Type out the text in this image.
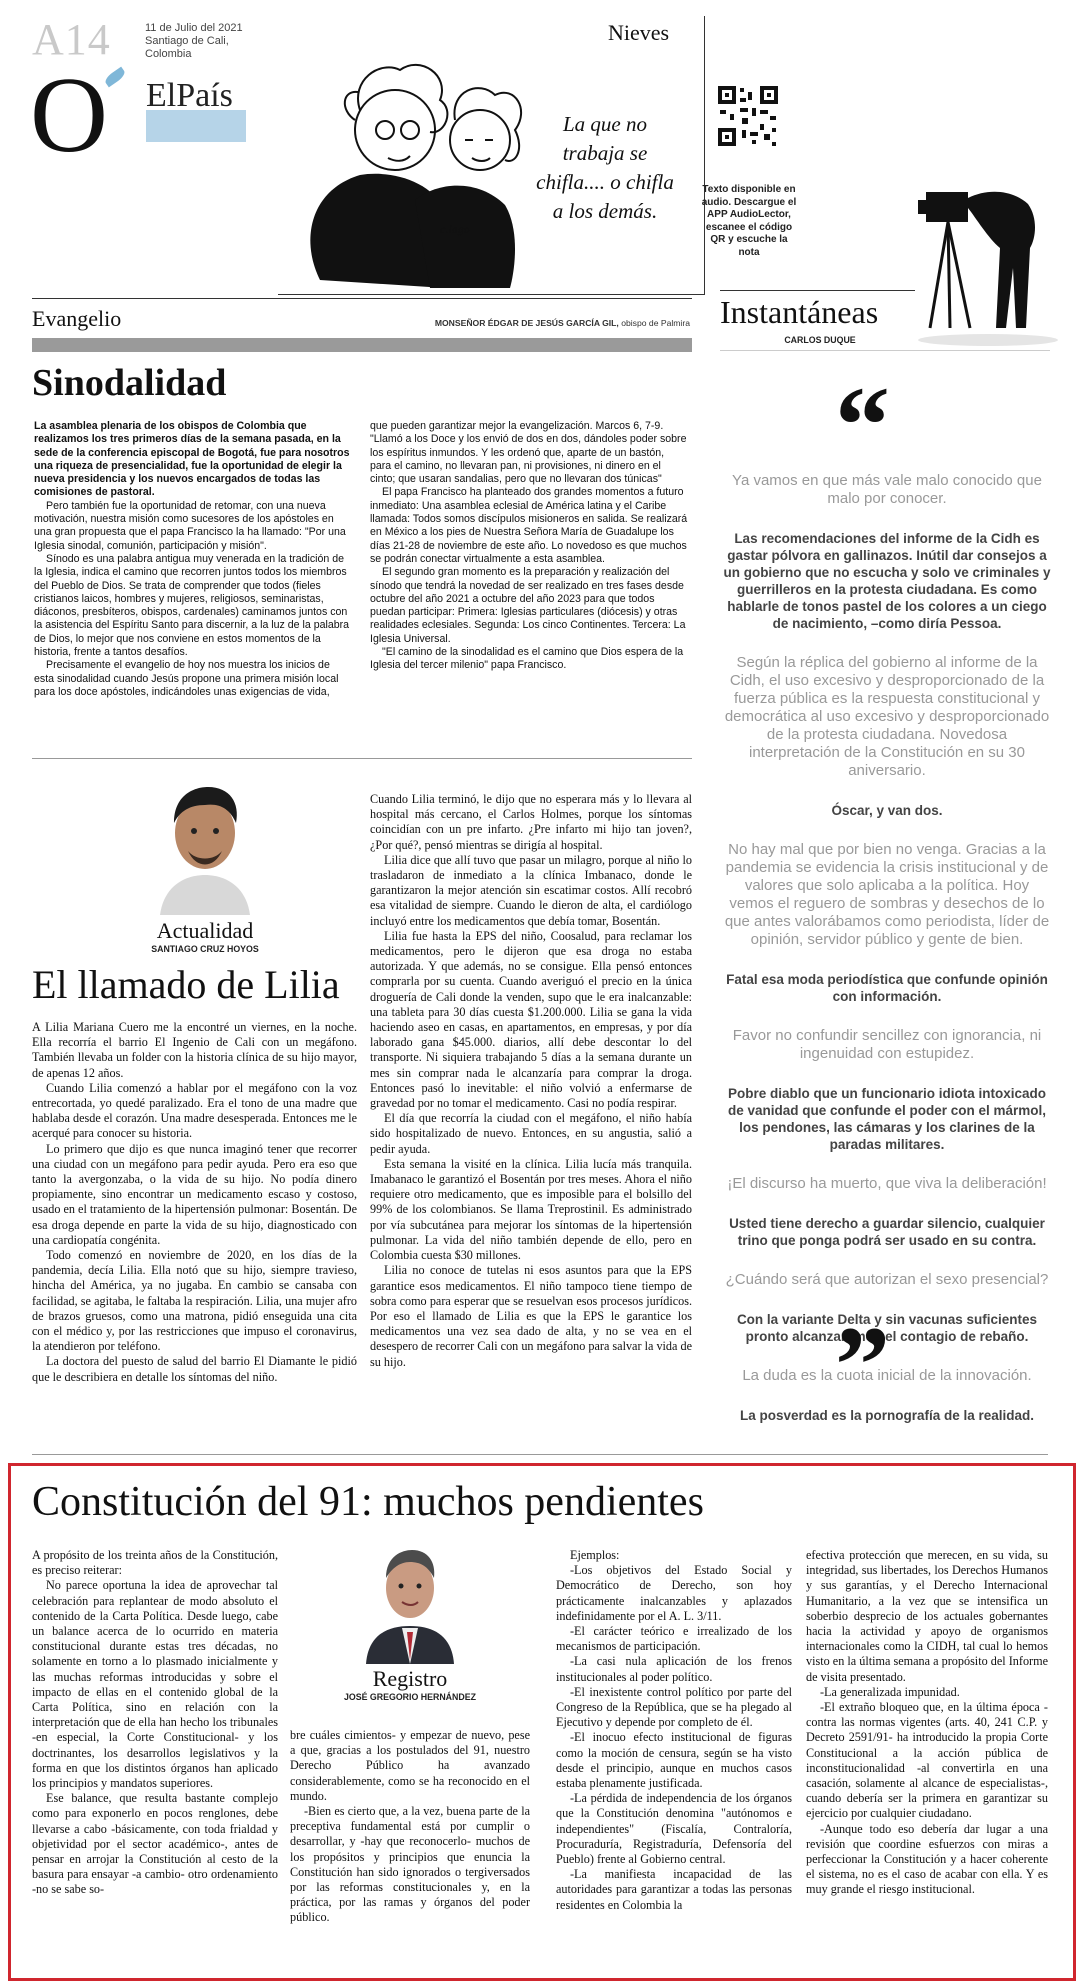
A14	11 de Julio del 2021 Santiago de Cali, Colombia
O ElPaís
Nieves
La que no trabaja se chifla.... o chifla a los demás.
c.lago
Texto disponible en
audio. Descargue el
APP AudioLector,
escanee el código
QR y escuche la
nota
Evangelio	MONSEÑOR ÉDGAR DE JESÚS GARCÍA GIL, obispo de Palmira
Sinodalidad

La asamblea plenaria de los obispos de Colombia que realizamos los tres primeros días de la semana pasada, en la sede de la conferencia episcopal de Bogotá, fue para nosotros una riqueza de presencialidad, fue la oportunidad de elegir la nueva presidencia y los nuevos encargados de todas las comisiones de pastoral.

Pero también fue la oportunidad de retomar, con una nueva motivación, nuestra misión como sucesores de los apóstoles en una gran propuesta que el papa Francisco la ha llamado: "Por una Iglesia sinodal, comunión, participación y misión".

Sínodo es una palabra antigua muy venerada en la tradición de la Iglesia, indica el camino que recorren juntos todos los miembros del Pueblo de Dios. Se trata de comprender que todos (fieles cristianos laicos, hombres y mujeres, religiosos, seminaristas, diáconos, presbíteros, obispos, cardenales) caminamos juntos con la asistencia del Espíritu Santo para discernir, a la luz de la palabra de Dios, lo mejor que nos conviene en estos momentos de la historia, frente a tantos desafíos.

Precisamente el evangelio de hoy nos muestra los inicios de esta sinodalidad cuando Jesús propone una primera misión local para los doce apóstoles, indicándoles unas exigencias de vida,

que pueden garantizar mejor la evangelización. Marcos 6, 7-9. "Llamó a los Doce y los envió de dos en dos, dándoles poder sobre los espíritus inmundos. Y les ordenó que, aparte de un bastón, para el camino, no llevaran pan, ni provisiones, ni dinero en el cinto; que usaran sandalias, pero que no llevaran dos túnicas"

El papa Francisco ha planteado dos grandes momentos a futuro inmediato: Una asamblea eclesial de América latina y el Caribe llamada: Todos somos discípulos misioneros en salida. Se realizará en México a los pies de Nuestra Señora María de Guadalupe los días 21-28 de noviembre de este año. Lo novedoso es que muchos se podrán conectar virtualmente a esta asamblea.

El segundo gran momento es la preparación y realización del sínodo que tendrá la novedad de ser realizado en tres fases desde octubre del año 2021 a octubre del año 2023 para que todos puedan participar: Primera: Iglesias particulares (diócesis) y otras realidades eclesiales. Segunda: Los cinco Continentes. Tercera: La Iglesia Universal.

"El camino de la sinodalidad es el camino que Dios espera de la Iglesia del tercer milenio" papa Francisco.

Actualidad
SANTIAGO CRUZ HOYOS
El llamado de Lilia

A Lilia Mariana Cuero me la encontré un viernes, en la noche. Ella recorría el barrio El Ingenio de Cali con un megáfono. También llevaba un folder con la historia clínica de su hijo mayor, de apenas 12 años.

Cuando Lilia comenzó a hablar por el megáfono con la voz entrecortada, yo quedé paralizado. Era el tono de una madre que hablaba desde el corazón. Una madre desesperada. Entonces me le acerqué para conocer su historia.

Lo primero que dijo es que nunca imaginó tener que recorrer una ciudad con un megáfono para pedir ayuda. Pero era eso que tanto la avergonzaba, o la vida de su hijo. No podía dinero propiamente, sino encontrar un medicamento escaso y costoso, usado en el tratamiento de la hipertensión pulmonar: Bosentán. De esa droga depende en parte la vida de su hijo, diagnosticado con una cardiopatía congénita.

Todo comenzó en noviembre de 2020, en los días de la pandemia, decía Lilia. Ella notó que su hijo, siempre travieso, hincha del América, ya no jugaba. En cambio se cansaba con facilidad, se agitaba, le faltaba la respiración. Lilia, una mujer afro de brazos gruesos, como una matrona, pidió enseguida una cita con el médico y, por las restricciones que impuso el coronavirus, la atendieron por teléfono.

La doctora del puesto de salud del barrio El Diamante le pidió que le describiera en detalle los síntomas del niño.

Cuando Lilia terminó, le dijo que no esperara más y lo llevara al hospital más cercano, el Carlos Holmes, porque los síntomas coincidían con un pre infarto. ¿Pre infarto mi hijo tan joven?, ¿Por qué?, pensó mientras se dirigía al hospital.

Lilia dice que allí tuvo que pasar un milagro, porque al niño lo trasladaron de inmediato a la clínica Imbanaco, donde le garantizaron la mejor atención sin escatimar costos. Allí recobró esa vitalidad de siempre. Cuando le dieron de alta, el cardiólogo incluyó entre los medicamentos que debía tomar, Bosentán.

Lilia fue hasta la EPS del niño, Coosalud, para reclamar los medicamentos, pero le dijeron que esa droga no estaba autorizada. Y que además, no se consigue. Ella pensó entonces comprarla por su cuenta. Cuando averiguó el precio en la única droguería de Cali donde la venden, supo que le era inalcanzable: una tableta para 30 días cuesta $1.200.000. Lilia se gana la vida haciendo aseo en casas, en apartamentos, en empresas, y por día laborado gana $45.000. diarios, allí debe descontar lo del transporte. Ni siquiera trabajando 5 días a la semana durante un mes sin comprar nada le alcanzaría para comprar la droga. Entonces pasó lo inevitable: el niño volvió a enfermarse de gravedad por no tomar el medicamento. Casi no podía respirar.

El día que recorría la ciudad con el megáfono, el niño había sido hospitalizado de nuevo. Entonces, en su angustia, salió a pedir ayuda.

Esta semana la visité en la clínica. Lilia lucía más tranquila. Imabanaco le garantizó el Bosentán por tres meses. Ahora el niño requiere otro medicamento, que es imposible para el bolsillo del 99% de los colombianos. Se llama Treprostinil. Es administrado por vía subcutánea para mejorar los síntomas de la hipertensión pulmonar. La vida del niño también depende de ello, pero en Colombia cuesta $30 millones.

Lilia no conoce de tutelas ni esos asuntos para que la EPS garantice esos medicamentos. El niño tampoco tiene tiempo de sobra como para esperar que se resuelvan esos procesos jurídicos. Por eso el llamado de Lilia es que la EPS le garantice los medicamentos una vez sea dado de alta, y no se vea en el desespero de recorrer Cali con un megáfono para salvar la vida de su hijo.

Instantáneas
CARLOS DUQUE
“

Ya vamos en que más vale malo conocido que malo por conocer.

Las recomendaciones del informe de la Cidh es gastar pólvora en gallinazos. Inútil dar consejos a un gobierno que no escucha y solo ve criminales y guerrilleros en la protesta ciudadana. Es como hablarle de tonos pastel de los colores a un ciego de nacimiento, –como diría Pessoa.

Según la réplica del gobierno al informe de la Cidh, el uso excesivo y desproporcionado de la fuerza pública es la respuesta constitucional y democrática al uso excesivo y desproporcionado de la protesta ciudadana. Novedosa interpretación de la Constitución en su 30 aniversario.

Óscar, y van dos.

No hay mal que por bien no venga. Gracias a la pandemia se evidencia la crisis institucional y de valores que solo aplicaba a la política. Hoy vemos el reguero de sombras y desechos de lo que antes valorábamos como periodista, líder de opinión, servidor público y gente de bien.

Fatal esa moda periodística que confunde opinión con información.

Favor no confundir sencillez con ignorancia, ni ingenuidad con estupidez.

Pobre diablo que un funcionario idiota intoxicado de vanidad que confunde el poder con el mármol, los pendones, las cámaras y los clarines de la paradas militares.

¡El discurso ha muerto, que viva la deliberación!

Usted tiene derecho a guardar silencio, cualquier trino que ponga podrá ser usado en su contra.

¿Cuándo será que autorizan el sexo presencial?

Con la variante Delta y sin vacunas suficientes pronto alcanzaremos el contagio de rebaño.

La duda es la cuota inicial de la innovación.

La posverdad es la pornografía de la realidad.

”
Constitución del 91: muchos pendientes

A propósito de los treinta años de la Constitución, es preciso reiterar:

No parece oportuna la idea de aprovechar tal celebración para replantear de modo absoluto el contenido de la Carta Política. Desde luego, cabe un balance acerca de lo ocurrido en materia constitucional durante estas tres décadas, no solamente en torno a lo plasmado inicialmente y las muchas reformas introducidas y sobre el impacto de ellas en el contenido global de la Carta Política, sino en relación con la interpretación que de ella han hecho los tribunales -en especial, la Corte Constitucional- y los doctrinantes, los desarrollos legislativos y la forma en que los distintos órganos han aplicado los principios y mandatos superiores.

Ese balance, que resulta bastante complejo como para exponerlo en pocos renglones, debe llevarse a cabo -básicamente, con toda frialdad y objetividad por el sector académico-, antes de pensar en arrojar la Constitución al cesto de la basura para ensayar -a cambio- otro ordenamiento -no se sabe so-

Registro
JOSÉ GREGORIO HERNÁNDEZ

bre cuáles cimientos- y empezar de nuevo, pese a que, gracias a los postulados del 91, nuestro Derecho Público ha avanzado considerablemente, como se ha reconocido en el mundo.

-Bien es cierto que, a la vez, buena parte de la preceptiva fundamental está por cumplir o desarrollar, y -hay que reconocerlo- muchos de los propósitos y principios que enuncia la Constitución han sido ignorados o tergiversados por las reformas constitucionales y, en la práctica, por las ramas y órganos del poder público.

Ejemplos:

-Los objetivos del Estado Social y Democrático de Derecho, son hoy prácticamente inalcanzables y aplazados indefinidamente por el A. L. 3/11.

-El carácter teórico e irrealizado de los mecanismos de participación.

-La casi nula aplicación de los frenos institucionales al poder político.

-El inexistente control político por parte del Congreso de la República, que se ha plegado al Ejecutivo y depende por completo de él.

-El inocuo efecto institucional de figuras como la moción de censura, según se ha visto desde el principio, aunque en muchos casos estaba plenamente justificada.

-La pérdida de independencia de los órganos que la Constitución denomina "autónomos e independientes" (Fiscalía, Contraloría, Procuraduría, Registraduría, Defensoría del Pueblo) frente al Gobierno central.

-La manifiesta incapacidad de las autoridades para garantizar a todas las personas residentes en Colombia la

efectiva protección que merecen, en su vida, su integridad, sus libertades, los Derechos Humanos y sus garantías, y el Derecho Internacional Humanitario, a la vez que se intensifica un soberbio desprecio de los actuales gobernantes hacia la actividad y apoyo de organismos internacionales como la CIDH, tal cual lo hemos visto en la última semana a propósito del Informe de visita presentado.

-La generalizada impunidad.

-El extraño bloqueo que, en la última época -contra las normas vigentes (arts. 40, 241 C.P. y Decreto 2591/91- ha introducido la propia Corte Constitucional a la acción pública de inconstitucionalidad -al convertirla en una casación, solamente al alcance de especialistas-, cuando debería ser la primera en garantizar su ejercicio por cualquier ciudadano.

-Aunque todo eso debería dar lugar a una revisión que coordine esfuerzos con miras a perfeccionar la Constitución y a hacer coherente el sistema, no es el caso de acabar con ella. Y es muy grande el riesgo institucional.
